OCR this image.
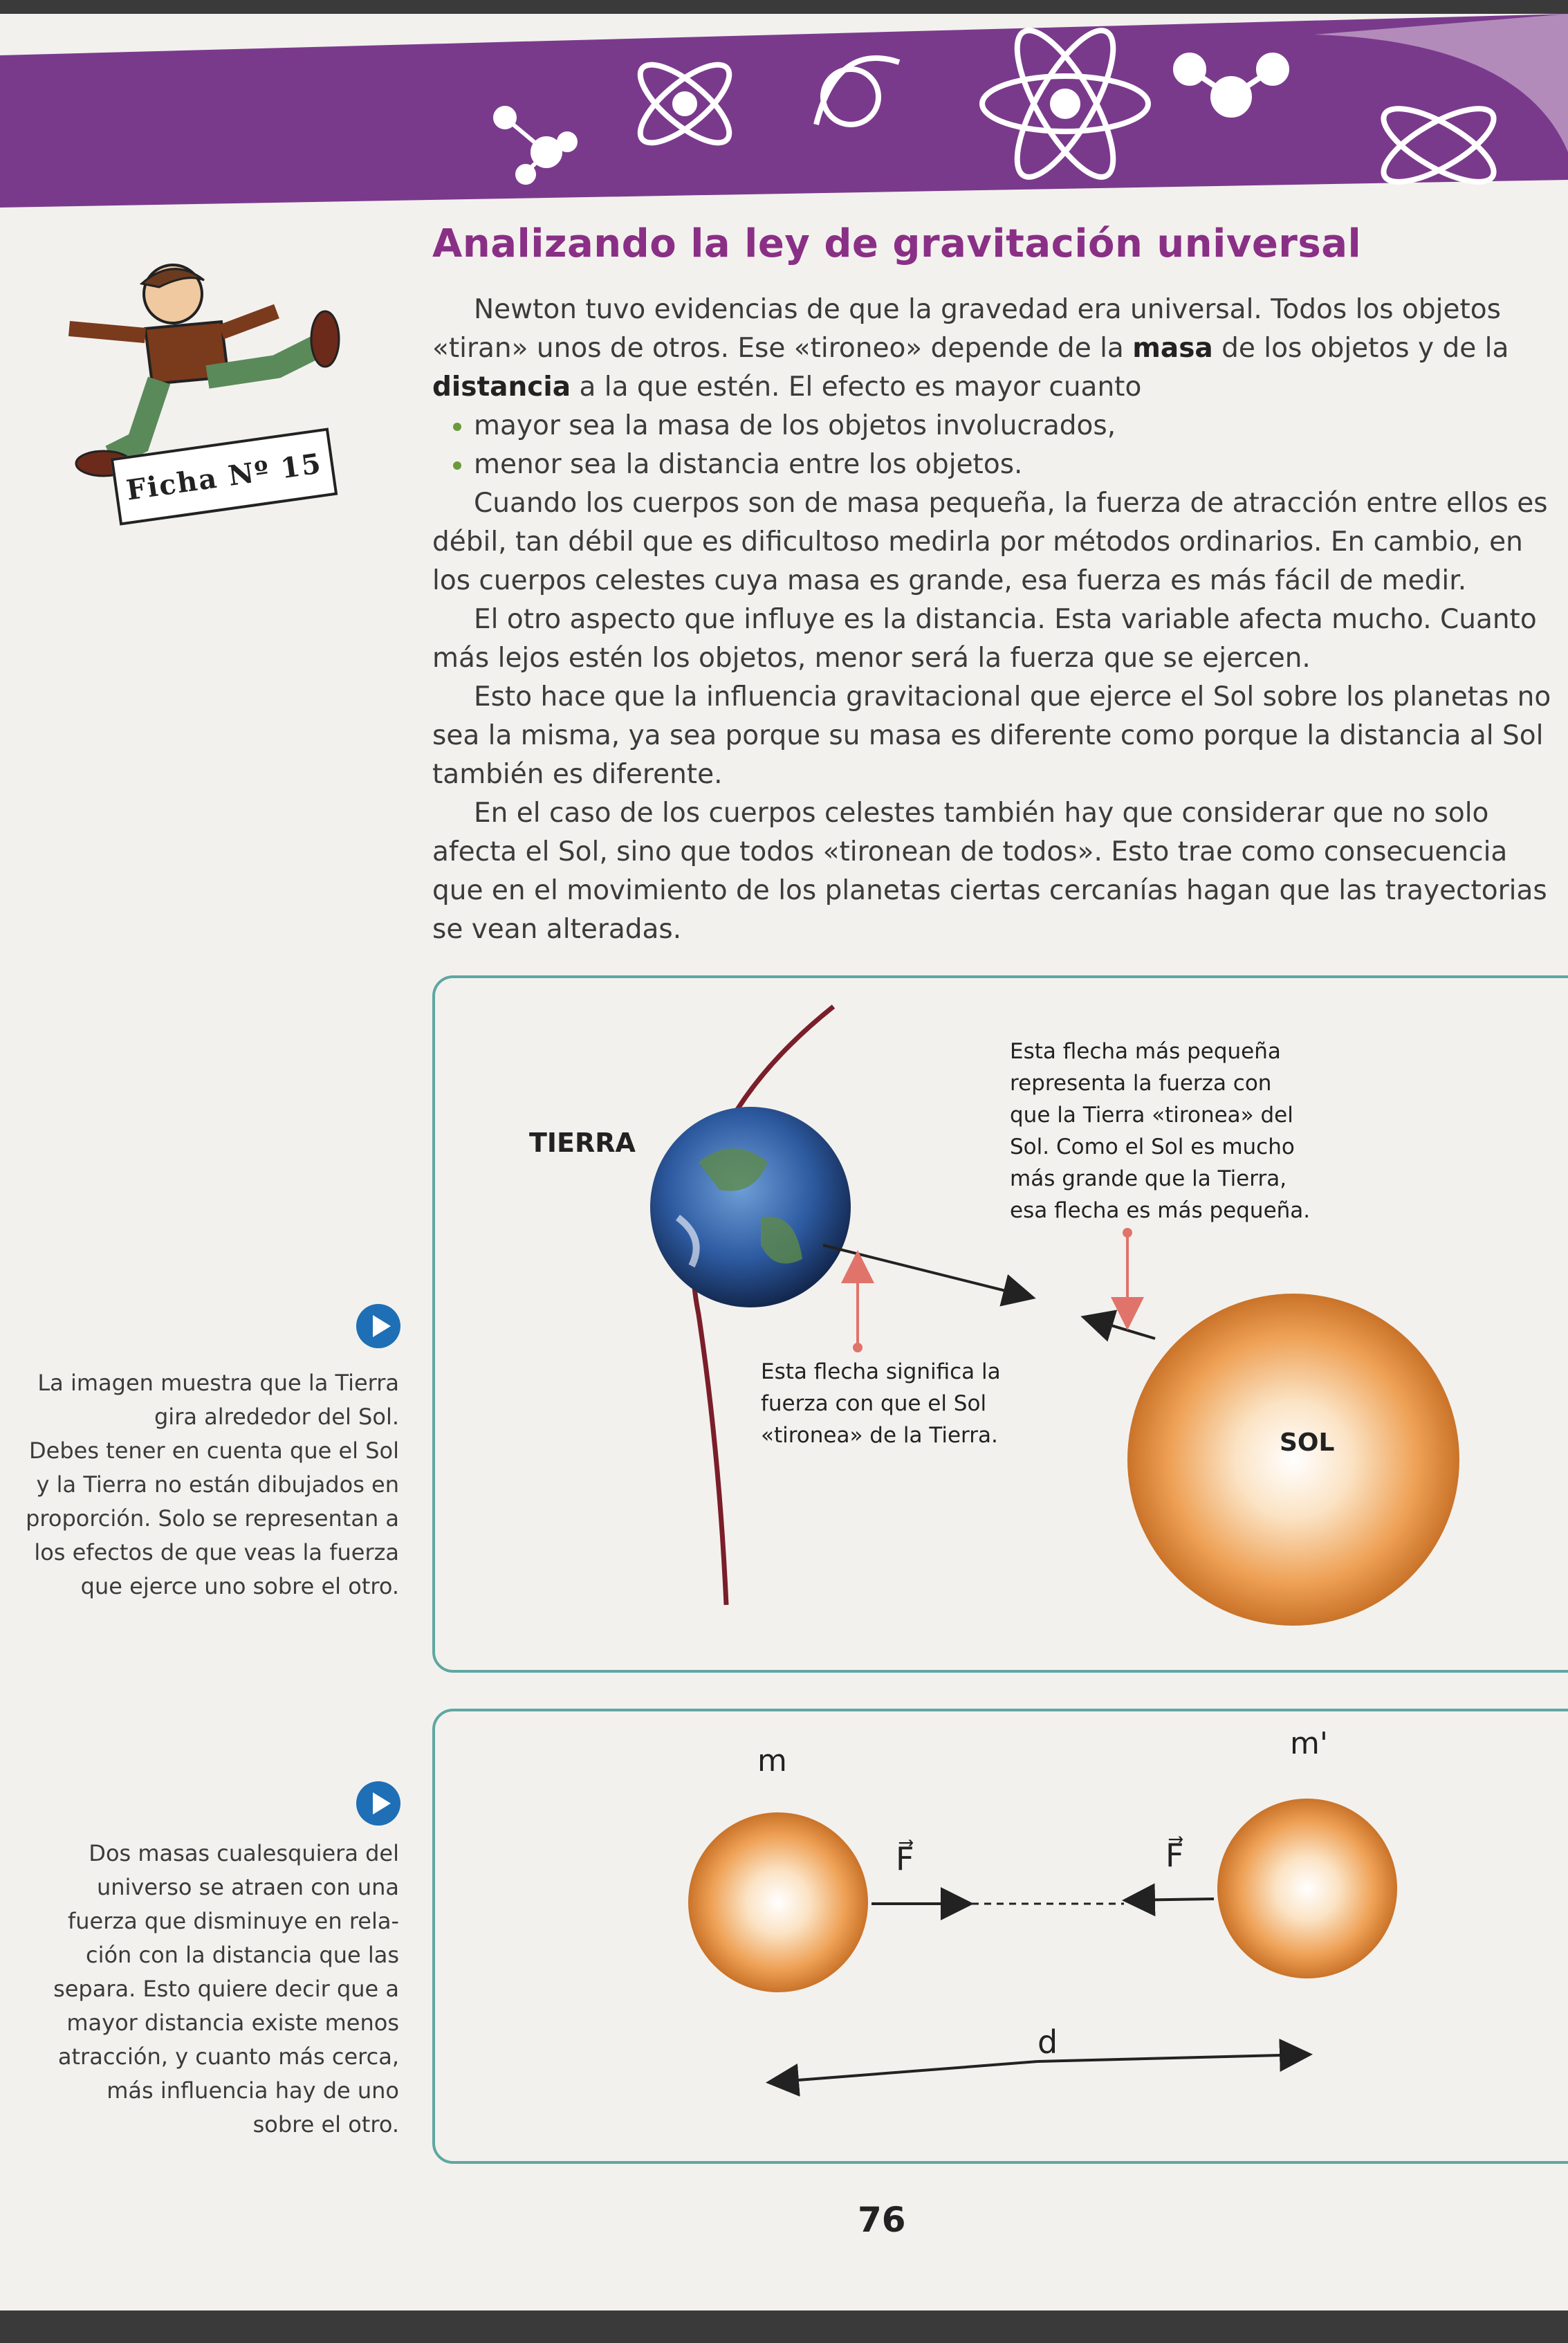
Analizando la ley de gravitación universal
Ficha Nº 15

Newton tuvo evidencias de que la gravedad era universal. Todos los objetos «tiran» unos de otros. Ese «tironeo» depende de la masa de los objetos y de la distancia a la que estén. El efecto es mayor cuanto

• mayor sea la masa de los objetos involucrados,
• menor sea la distancia entre los objetos.

Cuando los cuerpos son de masa pequeña, la fuerza de atracción entre ellos es débil, tan débil que es dificultoso medirla por métodos ordinarios. En cambio, en los cuerpos celestes cuya masa es grande, esa fuerza es más fácil de medir.

El otro aspecto que influye es la distancia. Esta variable afecta mucho. Cuanto más lejos estén los objetos, menor será la fuerza que se ejercen.

Esto hace que la influencia gravitacional que ejerce el Sol sobre los planetas no sea la misma, ya sea porque su masa es diferente como porque la distancia al Sol también es diferente.

En el caso de los cuerpos celestes también hay que considerar que no solo afecta el Sol, sino que todos «tironean de todos». Esto trae como consecuencia que en el movimiento de los planetas ciertas cercanías hagan que las trayectorias se vean alteradas.

TIERRA
SOL
Esta flecha más pequeña
representa la fuerza con
que la Tierra «tironea» del
Sol. Como el Sol es mucho
más grande que la Tierra,
esa flecha es más pequeña.
Esta flecha significa la
fuerza con que el Sol
«tironea» de la Tierra.
m	m'
F⃗	F⃗
d
La imagen muestra que la Tierra
gira alrededor del Sol.
Debes tener en cuenta que el Sol
y la Tierra no están dibujados en
proporción. Solo se representan a
los efectos de que veas la fuerza
que ejerce uno sobre el otro.
Dos masas cualesquiera del
universo se atraen con una
fuerza que disminuye en rela-
ción con la distancia que las
separa. Esto quiere decir que a
mayor distancia existe menos
atracción, y cuanto más cerca,
más influencia hay de uno
sobre el otro.
76
